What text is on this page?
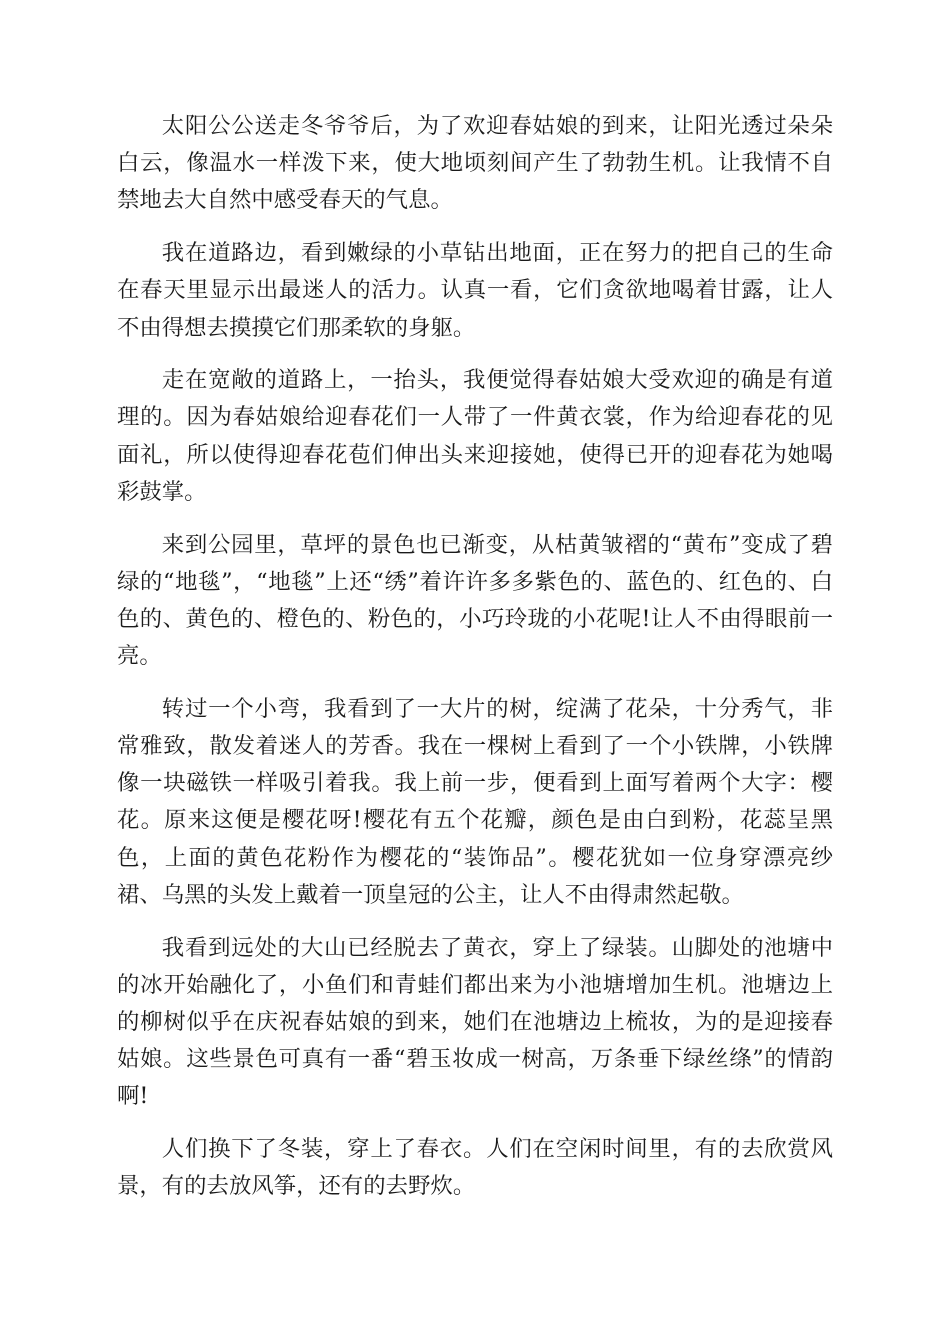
太阳公公送走冬爷爷后，为了欢迎春姑娘的到来，让阳光透过朵朵白云，像温水一样泼下来，使大地顷刻间产生了勃勃生机。让我情不自禁地去大自然中感受春天的气息。

我在道路边，看到嫩绿的小草钻出地面，正在努力的把自己的生命在春天里显示出最迷人的活力。认真一看，它们贪欲地喝着甘露，让人不由得想去摸摸它们那柔软的身躯。

走在宽敞的道路上，一抬头，我便觉得春姑娘大受欢迎的确是有道理的。因为春姑娘给迎春花们一人带了一件黄衣裳，作为给迎春花的见面礼，所以使得迎春花苞们伸出头来迎接她，使得已开的迎春花为她喝彩鼓掌。

来到公园里，草坪的景色也已渐变，从枯黄皱褶的“黄布”变成了碧绿的“地毯”，“地毯”上还“绣”着许许多多紫色的、蓝色的、红色的、白色的、黄色的、橙色的、粉色的，小巧玲珑的小花呢!让人不由得眼前一亮。

转过一个小弯，我看到了一大片的树，绽满了花朵，十分秀气，非常雅致，散发着迷人的芳香。我在一棵树上看到了一个小铁牌，小铁牌像一块磁铁一样吸引着我。我上前一步，便看到上面写着两个大字：樱花。原来这便是樱花呀!樱花有五个花瓣，颜色是由白到粉，花蕊呈黑色，上面的黄色花粉作为樱花的“装饰品”。樱花犹如一位身穿漂亮纱裙、乌黑的头发上戴着一顶皇冠的公主，让人不由得肃然起敬。

我看到远处的大山已经脱去了黄衣，穿上了绿装。山脚处的池塘中的冰开始融化了，小鱼们和青蛙们都出来为小池塘增加生机。池塘边上的柳树似乎在庆祝春姑娘的到来，她们在池塘边上梳妆，为的是迎接春姑娘。这些景色可真有一番“碧玉妆成一树高，万条垂下绿丝绦”的情韵啊!

人们换下了冬装，穿上了春衣。人们在空闲时间里，有的去欣赏风景，有的去放风筝，还有的去野炊。
